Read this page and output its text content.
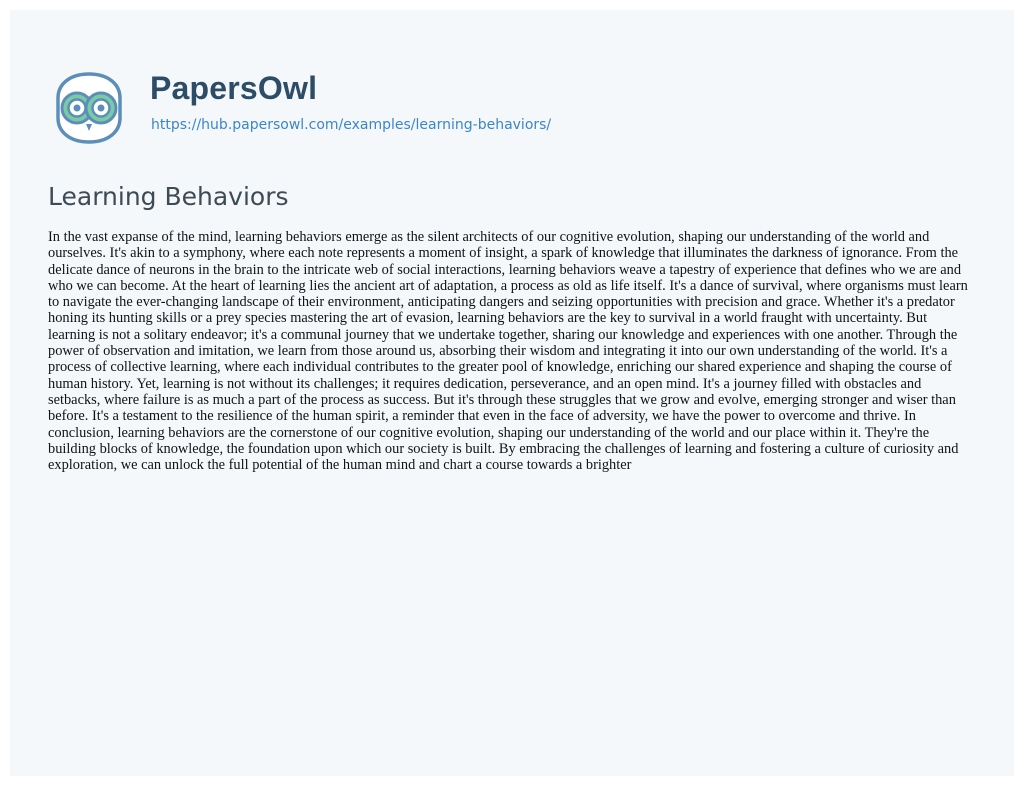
PapersOwl
https://hub.papersowl.com/examples/learning-behaviors/
Learning Behaviors

In the vast expanse of the mind, learning behaviors emerge as the silent architects of our cognitive evolution, shaping our understanding of the world and ourselves. It's akin to a symphony, where each note represents a moment of insight, a spark of knowledge that illuminates the darkness of ignorance. From the delicate dance of neurons in the brain to the intricate web of social interactions, learning behaviors weave a tapestry of experience that defines who we are and who we can become. At the heart of learning lies the ancient art of adaptation, a process as old as life itself. It's a dance of survival, where organisms must learn to navigate the ever-changing landscape of their environment, anticipating dangers and seizing opportunities with precision and grace. Whether it's a predator honing its hunting skills or a prey species mastering the art of evasion, learning behaviors are the key to survival in a world fraught with uncertainty. But learning is not a solitary endeavor; it's a communal journey that we undertake together, sharing our knowledge and experiences with one another. Through the power of observation and imitation, we learn from those around us, absorbing their wisdom and integrating it into our own understanding of the world. It's a process of collective learning, where each individual contributes to the greater pool of knowledge, enriching our shared experience and shaping the course of human history. Yet, learning is not without its challenges; it requires dedication, perseverance, and an open mind. It's a journey filled with obstacles and setbacks, where failure is as much a part of the process as success. But it's through these struggles that we grow and evolve, emerging stronger and wiser than before. It's a testament to the resilience of the human spirit, a reminder that even in the face of adversity, we have the power to overcome and thrive. In conclusion, learning behaviors are the cornerstone of our cognitive evolution, shaping our understanding of the world and our place within it. They're the building blocks of knowledge, the foundation upon which our society is built. By embracing the challenges of learning and fostering a culture of curiosity and exploration, we can unlock the full potential of the human mind and chart a course towards a brighter
